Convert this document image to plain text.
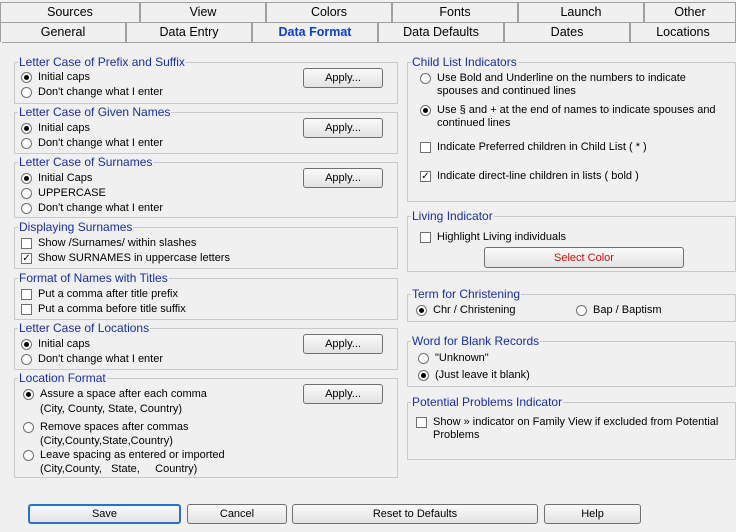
Sources	View	Colors	Fonts	Launch	Other
General	Data Entry	Data Format	Data Defaults	Dates	Locations
Letter Case of Prefix and Suffix
Initial caps
Don't change what I enter
Apply...
Letter Case of Given Names
Initial caps
Don't change what I enter
Apply...
Letter Case of Surnames
Initial Caps
UPPERCASE
Don't change what I enter
Apply...
Displaying Surnames
Show /Surnames/ within slashes
✓ Show SURNAMES in uppercase letters
Format of Names with Titles
Put a comma after title prefix
Put a comma before title suffix
Letter Case of Locations
Initial caps
Don't change what I enter
Apply...
Location Format
Assure a space after each comma
(City, County, State, Country)
Remove spaces after commas
(City,County,State,Country)
Leave spacing as entered or imported
(City,County,   State,     Country)
Apply...
Child List Indicators
Use Bold and Underline on the numbers to indicate spouses and continued lines
Use § and + at the end of names to indicate spouses and continued lines
Indicate Preferred children in Child List ( * )
✓ Indicate direct-line children in lists ( bold )
Living Indicator
Highlight Living individuals
Select Color
Term for Christening
Chr / Christening	Bap / Baptism
Word for Blank Records
"Unknown"
(Just leave it blank)
Potential Problems Indicator
Show » indicator on Family View if excluded from Potential Problems
Save	Cancel	Reset to Defaults	Help
